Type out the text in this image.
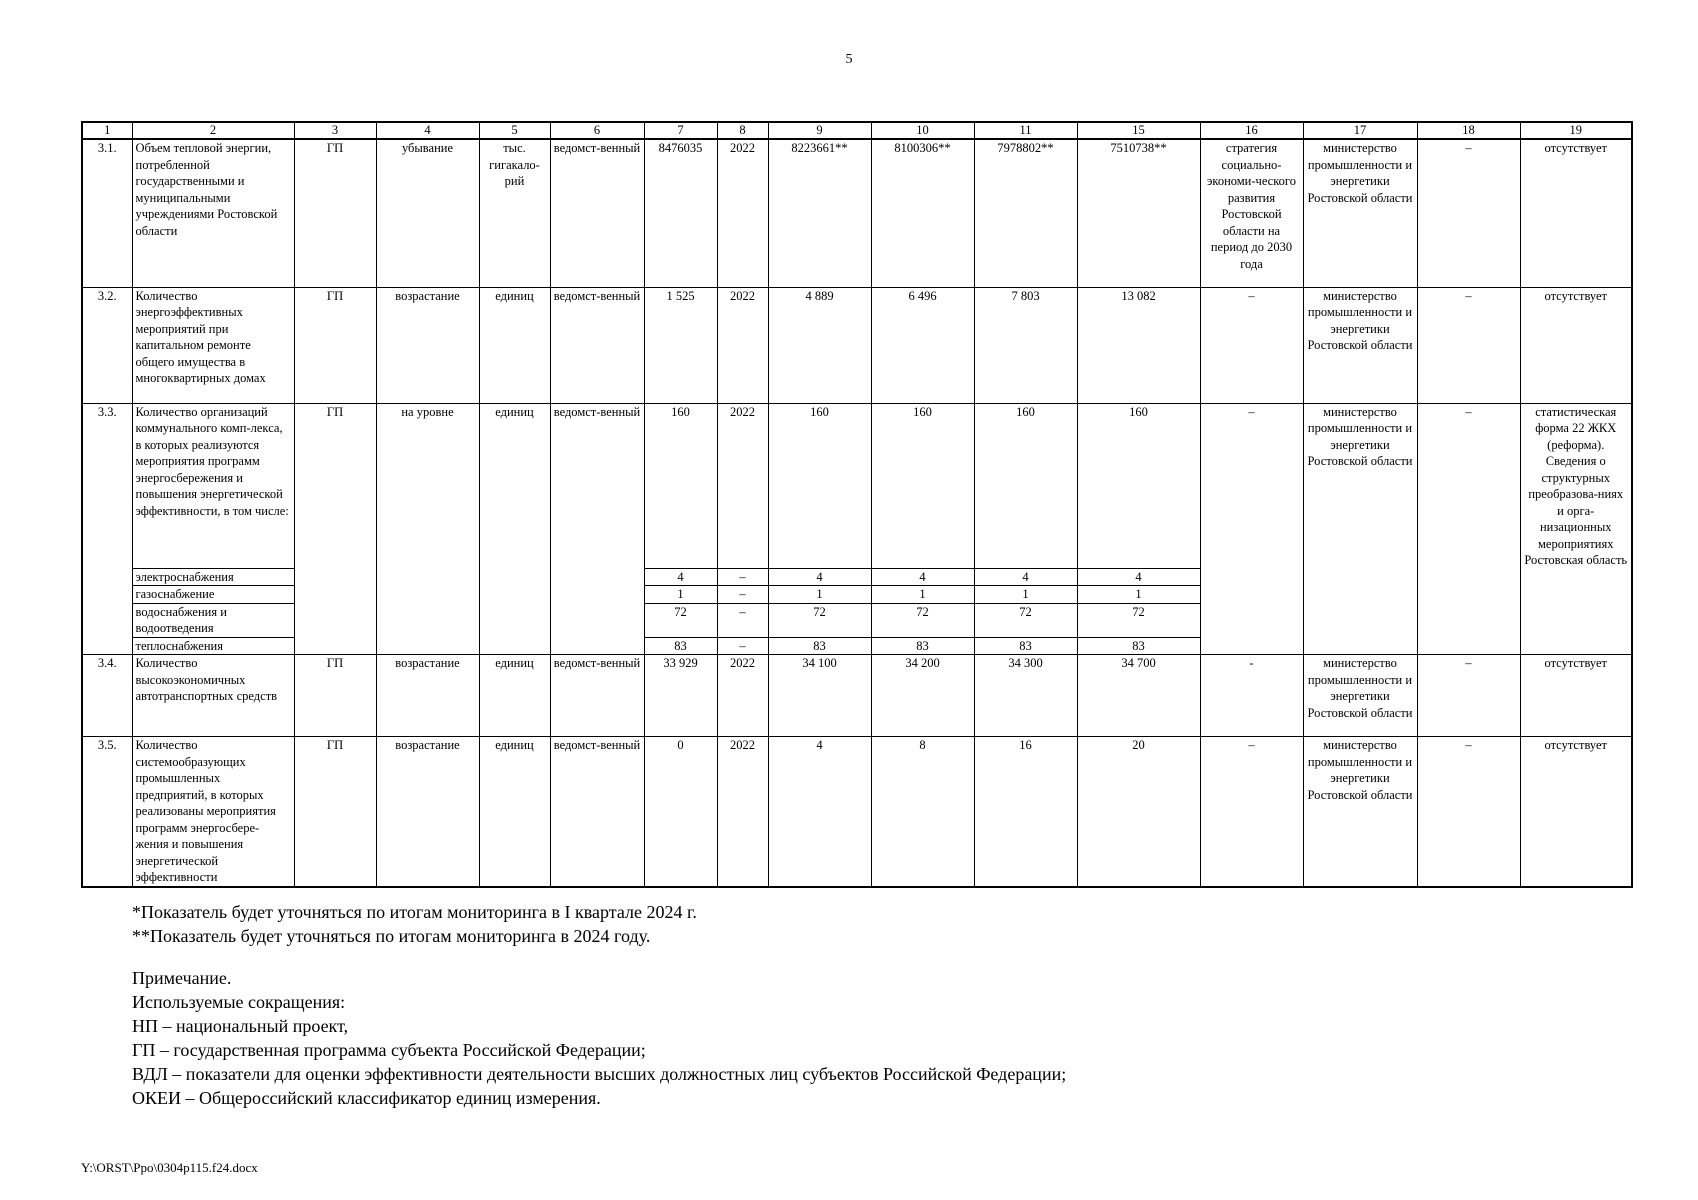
5
1	2	3	4	5	6	7	8	9	10	11	15	16	17	18	19
3.1.	Объем тепловой энергии, потребленной государственными и муниципальными учреждениями Ростовской области	ГП	убывание	тыс. гигакало-рий	ведомст-венный	8476035	2022	8223661**	8100306**	7978802**	7510738**	стратегия социально-экономи-ческого развития Ростовской области на период до 2030 года	министерство промышленности и энергетики Ростовской области	–	отсутствует
3.2.	Количество энергоэффективных мероприятий при капитальном ремонте общего имущества в многоквартирных домах	ГП	возрастание	единиц	ведомст-венный	1 525	2022	4 889	6 496	7 803	13 082	–	министерство промышленности и энергетики Ростовской области	–	отсутствует
3.3.	Количество организаций коммунального комп-лекса, в которых реализуются мероприятия программ энергосбережения и повышения энергетической эффективности, в том числе:	ГП	на уровне	единиц	ведомст-венный	160	2022	160	160	160	160	–	министерство промышленности и энергетики Ростовской области	–	статистическая форма 22 ЖКХ (реформа). Сведения о структурных преобразова-ниях и орга-низационных мероприятиях Ростовская область
	электроснабжения					4	–	4	4	4	4				
	газоснабжение					1	–	1	1	1	1				
	водоснабжения и водоотведения					72	–	72	72	72	72				
	теплоснабжения					83	–	83	83	83	83				
3.4.	Количество высокоэкономичных автотранспортных средств	ГП	возрастание	единиц	ведомст-венный	33 929	2022	34 100	34 200	34 300	34 700	-	министерство промышленности и энергетики Ростовской области	–	отсутствует
3.5.	Количество системообразующих промышленных предприятий, в которых реализованы мероприятия программ энергосбере-жения и повышения энергетической эффективности	ГП	возрастание	единиц	ведомст-венный	0	2022	4	8	16	20	–	министерство промышленности и энергетики Ростовской области	–	отсутствует
*Показатель будет уточняться по итогам мониторинга в I квартале 2024 г.
**Показатель будет уточняться по итогам мониторинга в 2024 году.
Примечание.
Используемые сокращения:
НП – национальный проект,
ГП – государственная программа субъекта Российской Федерации;
ВДЛ – показатели для оценки эффективности деятельности высших должностных лиц субъектов Российской Федерации;
ОКЕИ – Общероссийский классификатор единиц измерения.
Y:\ORST\Ppo\0304p115.f24.docx
